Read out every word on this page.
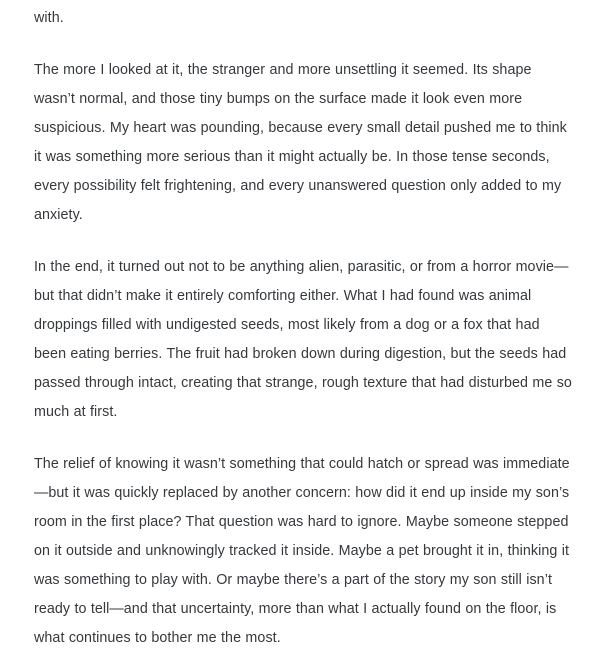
with.

The more I looked at it, the stranger and more unsettling it seemed. Its shape wasn’t normal, and those tiny bumps on the surface made it look even more suspicious. My heart was pounding, because every small detail pushed me to think it was something more serious than it might actually be. In those tense seconds, every possibility felt frightening, and every unanswered question only added to my anxiety.

In the end, it turned out not to be anything alien, parasitic, or from a horror movie—but that didn’t make it entirely comforting either. What I had found was animal droppings filled with undigested seeds, most likely from a dog or a fox that had been eating berries. The fruit had broken down during digestion, but the seeds had passed through intact, creating that strange, rough texture that had disturbed me so much at first.

The relief of knowing it wasn’t something that could hatch or spread was immediate—but it was quickly replaced by another concern: how did it end up inside my son’s room in the first place? That question was hard to ignore. Maybe someone stepped on it outside and unknowingly tracked it inside. Maybe a pet brought it in, thinking it was something to play with. Or maybe there’s a part of the story my son still isn’t ready to tell—and that uncertainty, more than what I actually found on the floor, is what continues to bother me the most.
